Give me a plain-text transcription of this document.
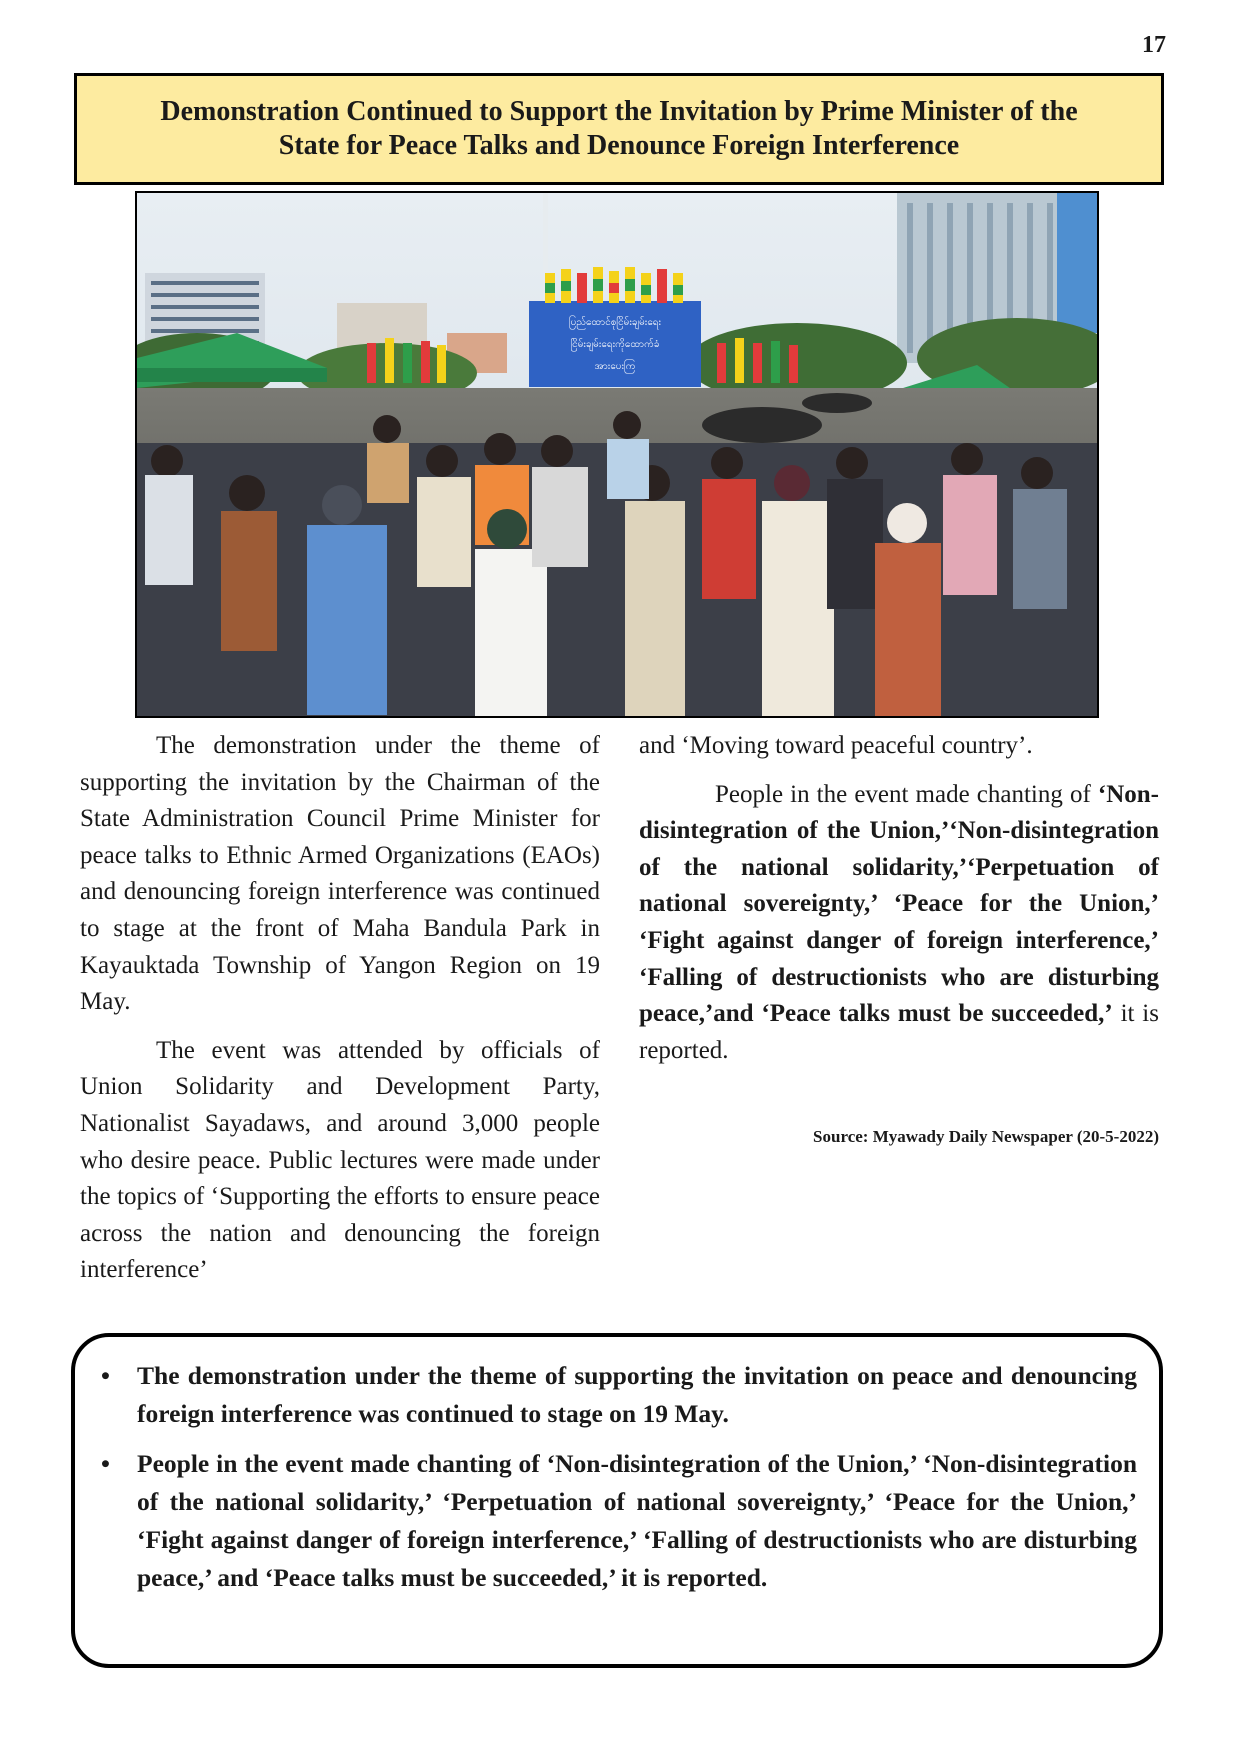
17
Demonstration Continued to Support the Invitation by Prime Minister of the
State for Peace Talks and Denounce Foreign Interference
ပြည်ထောင်စုငြိမ်းချမ်းရေး
ငြိမ်းချမ်းရေးကိုထောက်ခံ
အားပေးကြ

The demonstration under the theme of supporting the invitation by the Chairman of the State Administration Council Prime Minister for peace talks to Ethnic Armed Organizations (EAOs) and denouncing foreign interference was continued to stage at the front of Maha Bandula Park in Kayauktada Township of Yangon Region on 19 May.

The event was attended by officials of Union Solidarity and Development Party, Nationalist Sayadaws, and around 3,000 people who desire peace. Public lectures were made under the topics of ‘Supporting the efforts to ensure peace across the nation and denouncing the foreign interference’

and ‘Moving toward peaceful country’.

People in the event made chanting of ‘Non-disintegration of the Union,’‘Non-disintegration of the national solidarity,’‘Perpetuation of national sovereignty,’ ‘Peace for the Union,’ ‘Fight against danger of foreign interference,’ ‘Falling of destructionists who are disturbing peace,’and ‘Peace talks must be succeeded,’ it is reported.

Source: Myawady Daily Newspaper (20-5-2022)
• The demonstration under the theme of supporting the invitation on peace and denouncing foreign interference was continued to stage on 19 May.
• People in the event made chanting of ‘Non-disintegration of the Union,’ ‘Non-disintegration of the national solidarity,’ ‘Perpetuation of national sovereignty,’ ‘Peace for the Union,’ ‘Fight against danger of foreign interference,’ ‘Falling of destructionists who are disturbing peace,’ and ‘Peace talks must be succeeded,’ it is reported.
